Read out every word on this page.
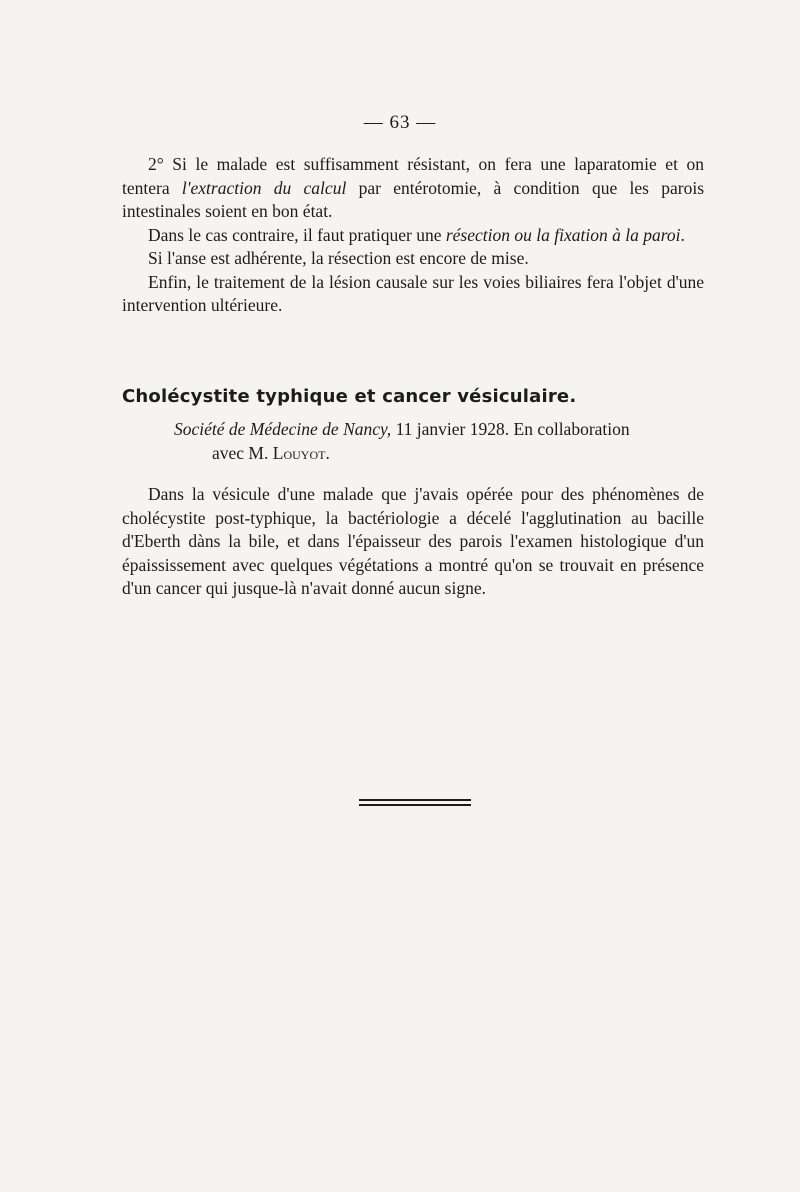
— 63 —

2° Si le malade est suffisamment résistant, on fera une laparatomie et on tentera l'extraction du calcul par entérotomie, à condition que les parois intestinales soient en bon état.

Dans le cas contraire, il faut pratiquer une résection ou la fixation à la paroi.

Si l'anse est adhérente, la résection est encore de mise.

Enfin, le traitement de la lésion causale sur les voies biliaires fera l'objet d'une intervention ultérieure.

Cholécystite typhique et cancer vésiculaire.
Société de Médecine de Nancy, 11 janvier 1928. En collaboration
avec M. Louyot.

Dans la vésicule d'une malade que j'avais opérée pour des phénomènes de cholécystite post-typhique, la bactériologie a décelé l'agglutination au bacille d'Eberth dàns la bile, et dans l'épaisseur des parois l'examen histologique d'un épaississement avec quelques végétations a montré qu'on se trouvait en présence d'un cancer qui jusque-là n'avait donné aucun signe.
